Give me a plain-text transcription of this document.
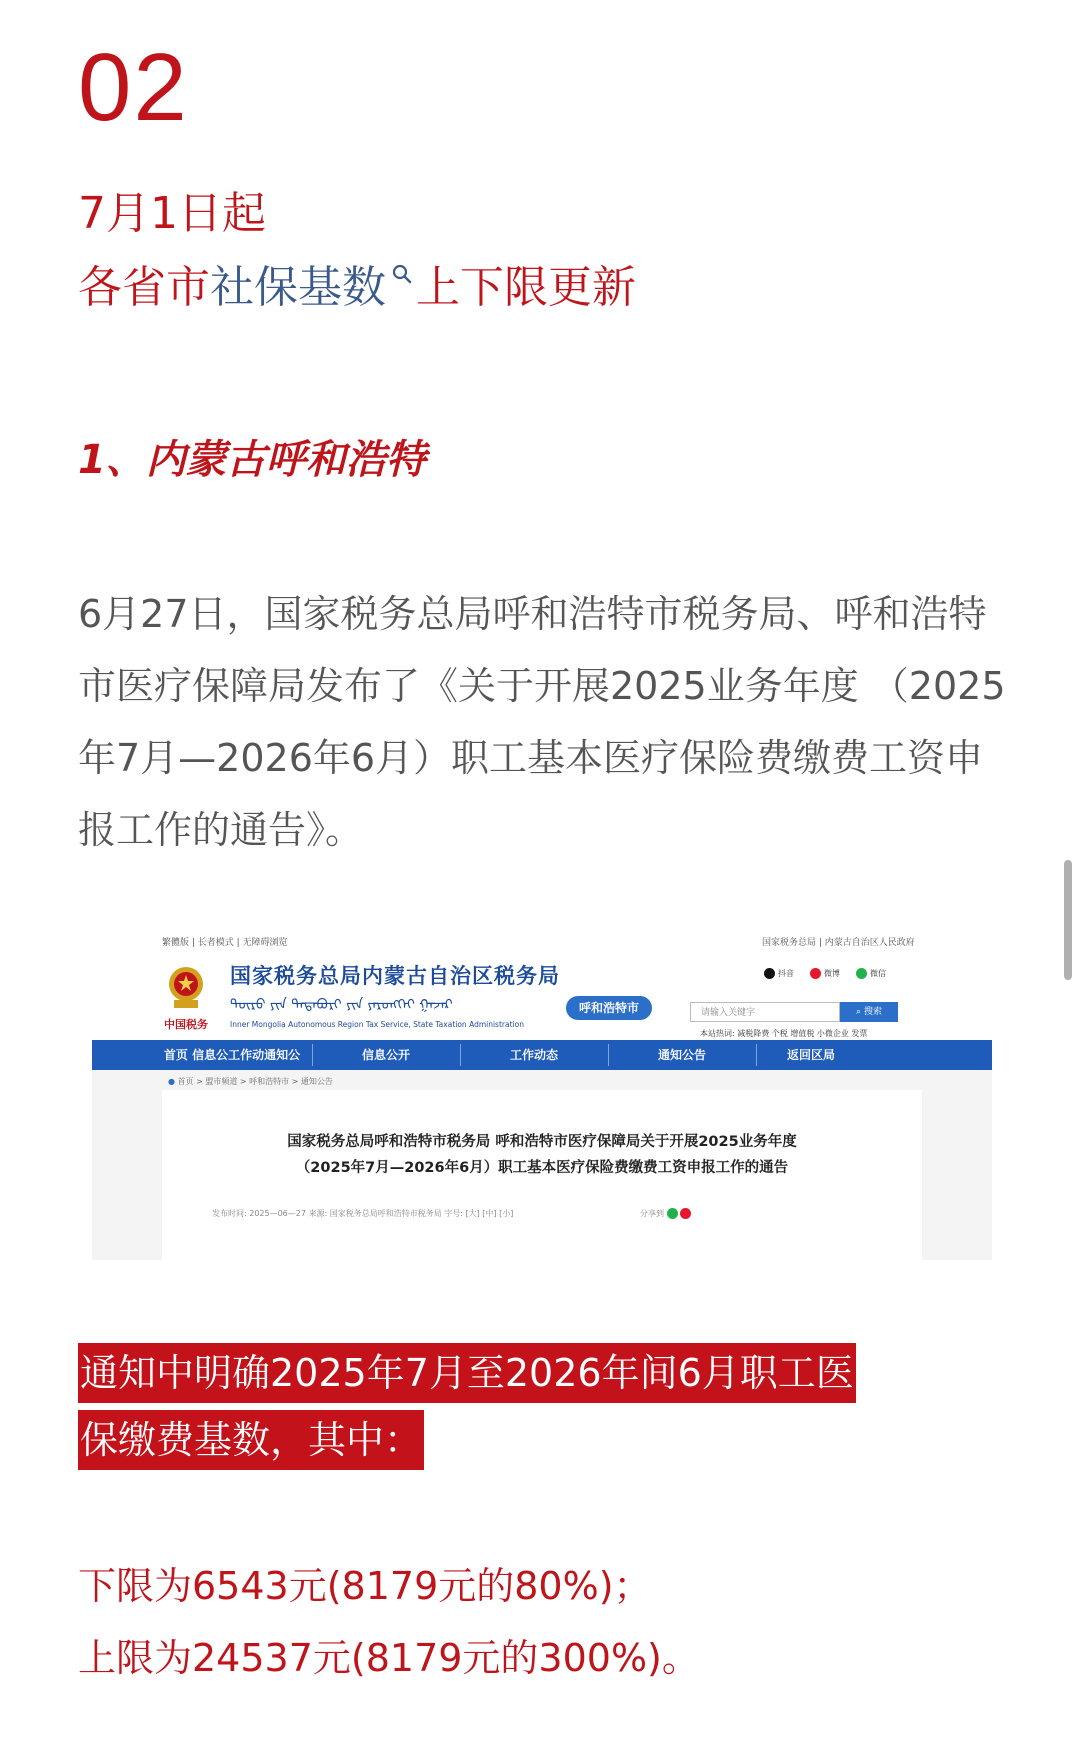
02
7月1日起
各省市社保基数 上下限更新
1、内蒙古呼和浩特
6月27日，国家税务总局呼和浩特市税务局、呼和浩特市医疗保障局发布了《关于开展2025业务年度 （2025年7月—2026年6月）职工基本医疗保险费缴费工资申报工作的通告》。
繁體版 | 长者模式 | 无障碍浏览	国家税务总局 | 内蒙古自治区人民政府
中国税务
国家税务总局内蒙古自治区税务局
ᠳᠥᠷᠥ ᠶᠢᠨ ᠲᠠᠲᠠᠪᠤᠷᠢ ᠶᠢᠨ ᠶᠡᠷᠦᠩᠬᠡᠢ ᠭᠠᠵᠠᠷ
Inner Mongolia Autonomous Region Tax Service, State Taxation Administration
呼和浩特市
抖音	微博	微信
请输入关键字	⌕ 搜索
本站热词: 减税降费 个税 增值税 小微企业 发票
首页 信息公工作动通知公	信息公开	工作动态	通知公告	返回区局
● 首页 > 盟市频道 > 呼和浩特市 > 通知公告
国家税务总局呼和浩特市税务局 呼和浩特市医疗保障局关于开展2025业务年度
（2025年7月—2026年6月）职工基本医疗保险费缴费工资申报工作的通告
发布时间: 2025—06—27 来源: 国家税务总局呼和浩特市税务局 字号: [大] [中] [小]	分享到
通知中明确2025年7月至2026年间6月职工医
保缴费基数，其中：
下限为6543元(8179元的80%)；
上限为24537元(8179元的300%)。
